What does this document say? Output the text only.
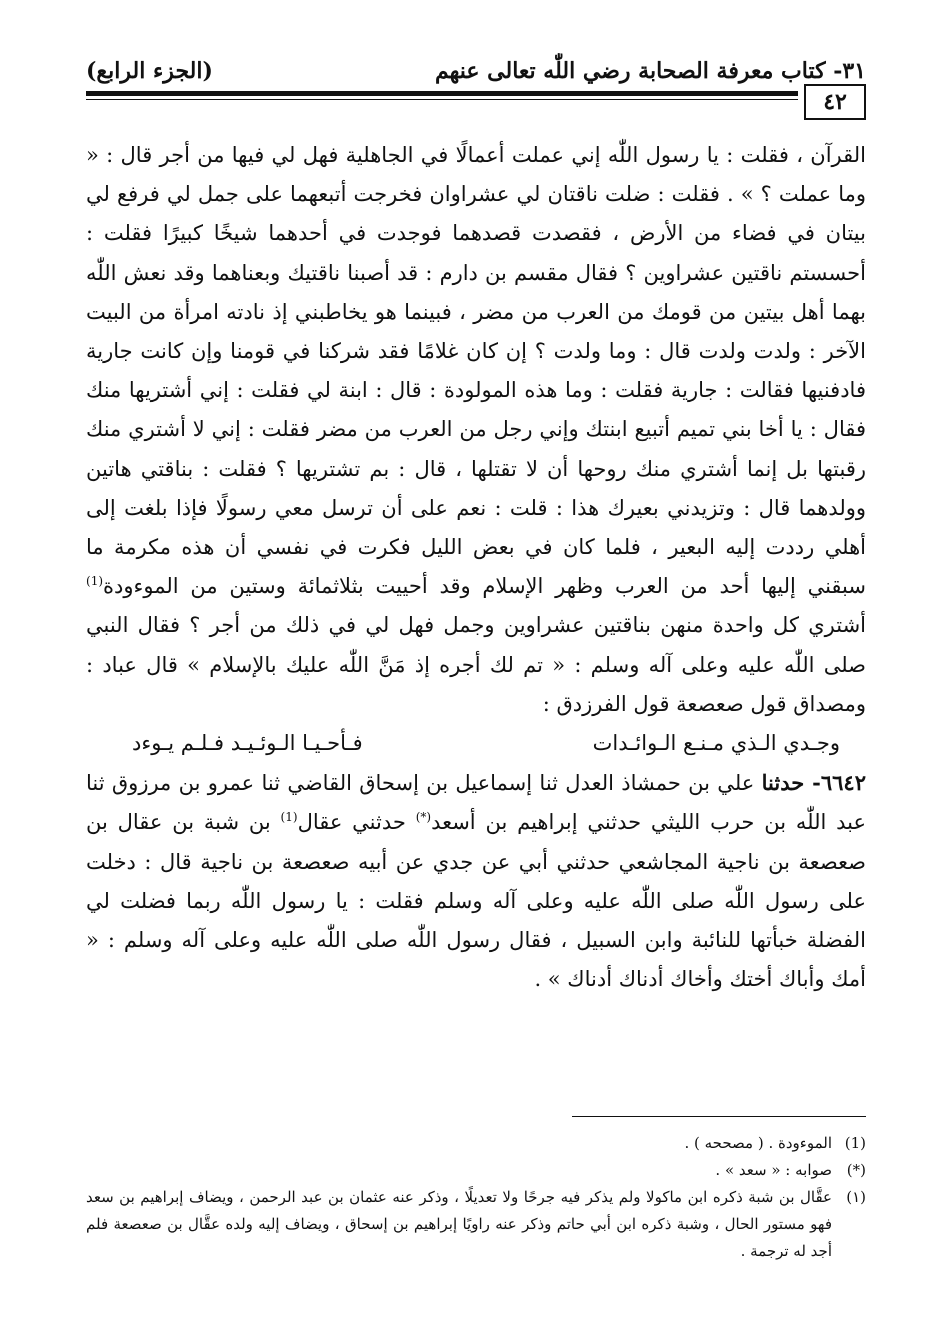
٣١- كتاب معرفة الصحابة رضي اللّٰه تعالى عنهم
(الجزء الرابع)
٤٢

القرآن ، فقلت : يا رسول اللّٰه إني عملت أعمالًا في الجاهلية فهل لي فيها من أجر قال : « وما عملت ؟ » . فقلت : ضلت ناقتان لي عشراوان فخرجت أتبعهما على جمل لي فرفع لي بيتان في فضاء من الأرض ، فقصدت قصدهما فوجدت في أحدهما شيخًا كبيرًا فقلت : أحسستم ناقتين عشراوين ؟ فقال مقسم بن دارم : قد أصبنا ناقتيك وبعناهما وقد نعش اللّٰه بهما أهل بيتين من قومك من العرب من مضر ، فبينما هو يخاطبني إذ نادته امرأة من البيت الآخر : ولدت ولدت قال : وما ولدت ؟ إن كان غلامًا فقد شركنا في قومنا وإن كانت جارية فادفنيها فقالت : جارية فقلت : وما هذه المولودة : قال : ابنة لي فقلت : إني أشتريها منك فقال : يا أخا بني تميم أتبيع ابنتك وإني رجل من العرب من مضر فقلت : إني لا أشتري منك رقبتها بل إنما أشتري منك روحها أن لا تقتلها ، قال : بم تشتريها ؟ فقلت : بناقتي هاتين وولدهما قال : وتزيدني بعيرك هذا : قلت : نعم على أن ترسل معي رسولًا فإذا بلغت إلى أهلي رددت إليه البعير ، فلما كان في بعض الليل فكرت في نفسي أن هذه مكرمة ما سبقني إليها أحد من العرب وظهر الإسلام وقد أحييت بثلاثمائة وستين من الموءودة$^{(1)}$ أشتري كل واحدة منهن بناقتين عشراوين وجمل فهل لي في ذلك من أجر ؟ فقال النبي صلى اللّٰه عليه وعلى آله وسلم : « تم لك أجره إذ مَنَّ اللّٰه عليك بالإسلام » قال عباد : ومصداق قول صعصعة قول الفرزدق :

وجـدي الـذي مـنـع الـوائـدات
فـأحـيـا الـوئـيـد فـلـم يـوءد

٦٦٤٢- حدثنا علي بن حمشاذ العدل ثنا إسماعيل بن إسحاق القاضي ثنا عمرو بن مرزوق ثنا عبد اللّٰه بن حرب الليثي حدثني إبراهيم بن أسعد(*) حدثني عقال$^{(1)}$ بن شبة بن عقال بن صعصعة بن ناجية المجاشعي حدثني أبي عن جدي عن أبيه صعصعة بن ناجية قال : دخلت على رسول اللّٰه صلى اللّٰه عليه وعلى آله وسلم فقلت : يا رسول اللّٰه ربما فضلت لي الفضلة خبأتها للنائبة وابن السبيل ، فقال رسول اللّٰه صلى اللّٰه عليه وعلى آله وسلم : « أمك وأباك أختك وأخاك أدناك أدناك » .

(1)
الموءودة . ( مصححه ) .
(*)
صوابه : « سعد » .
(١)
عقَّال بن شبة ذكره ابن ماكولا ولم يذكر فيه جرحًا ولا تعديلًا ، وذكر عنه عثمان بن عبد الرحمن ، ويضاف إبراهيم بن سعد فهو مستور الحال ، وشبة ذكره ابن أبي حاتم وذكر عنه راويًا إبراهيم بن إسحاق ، ويضاف إليه ولده عقَّال بن صعصعة فلم أجد له ترجمة .
